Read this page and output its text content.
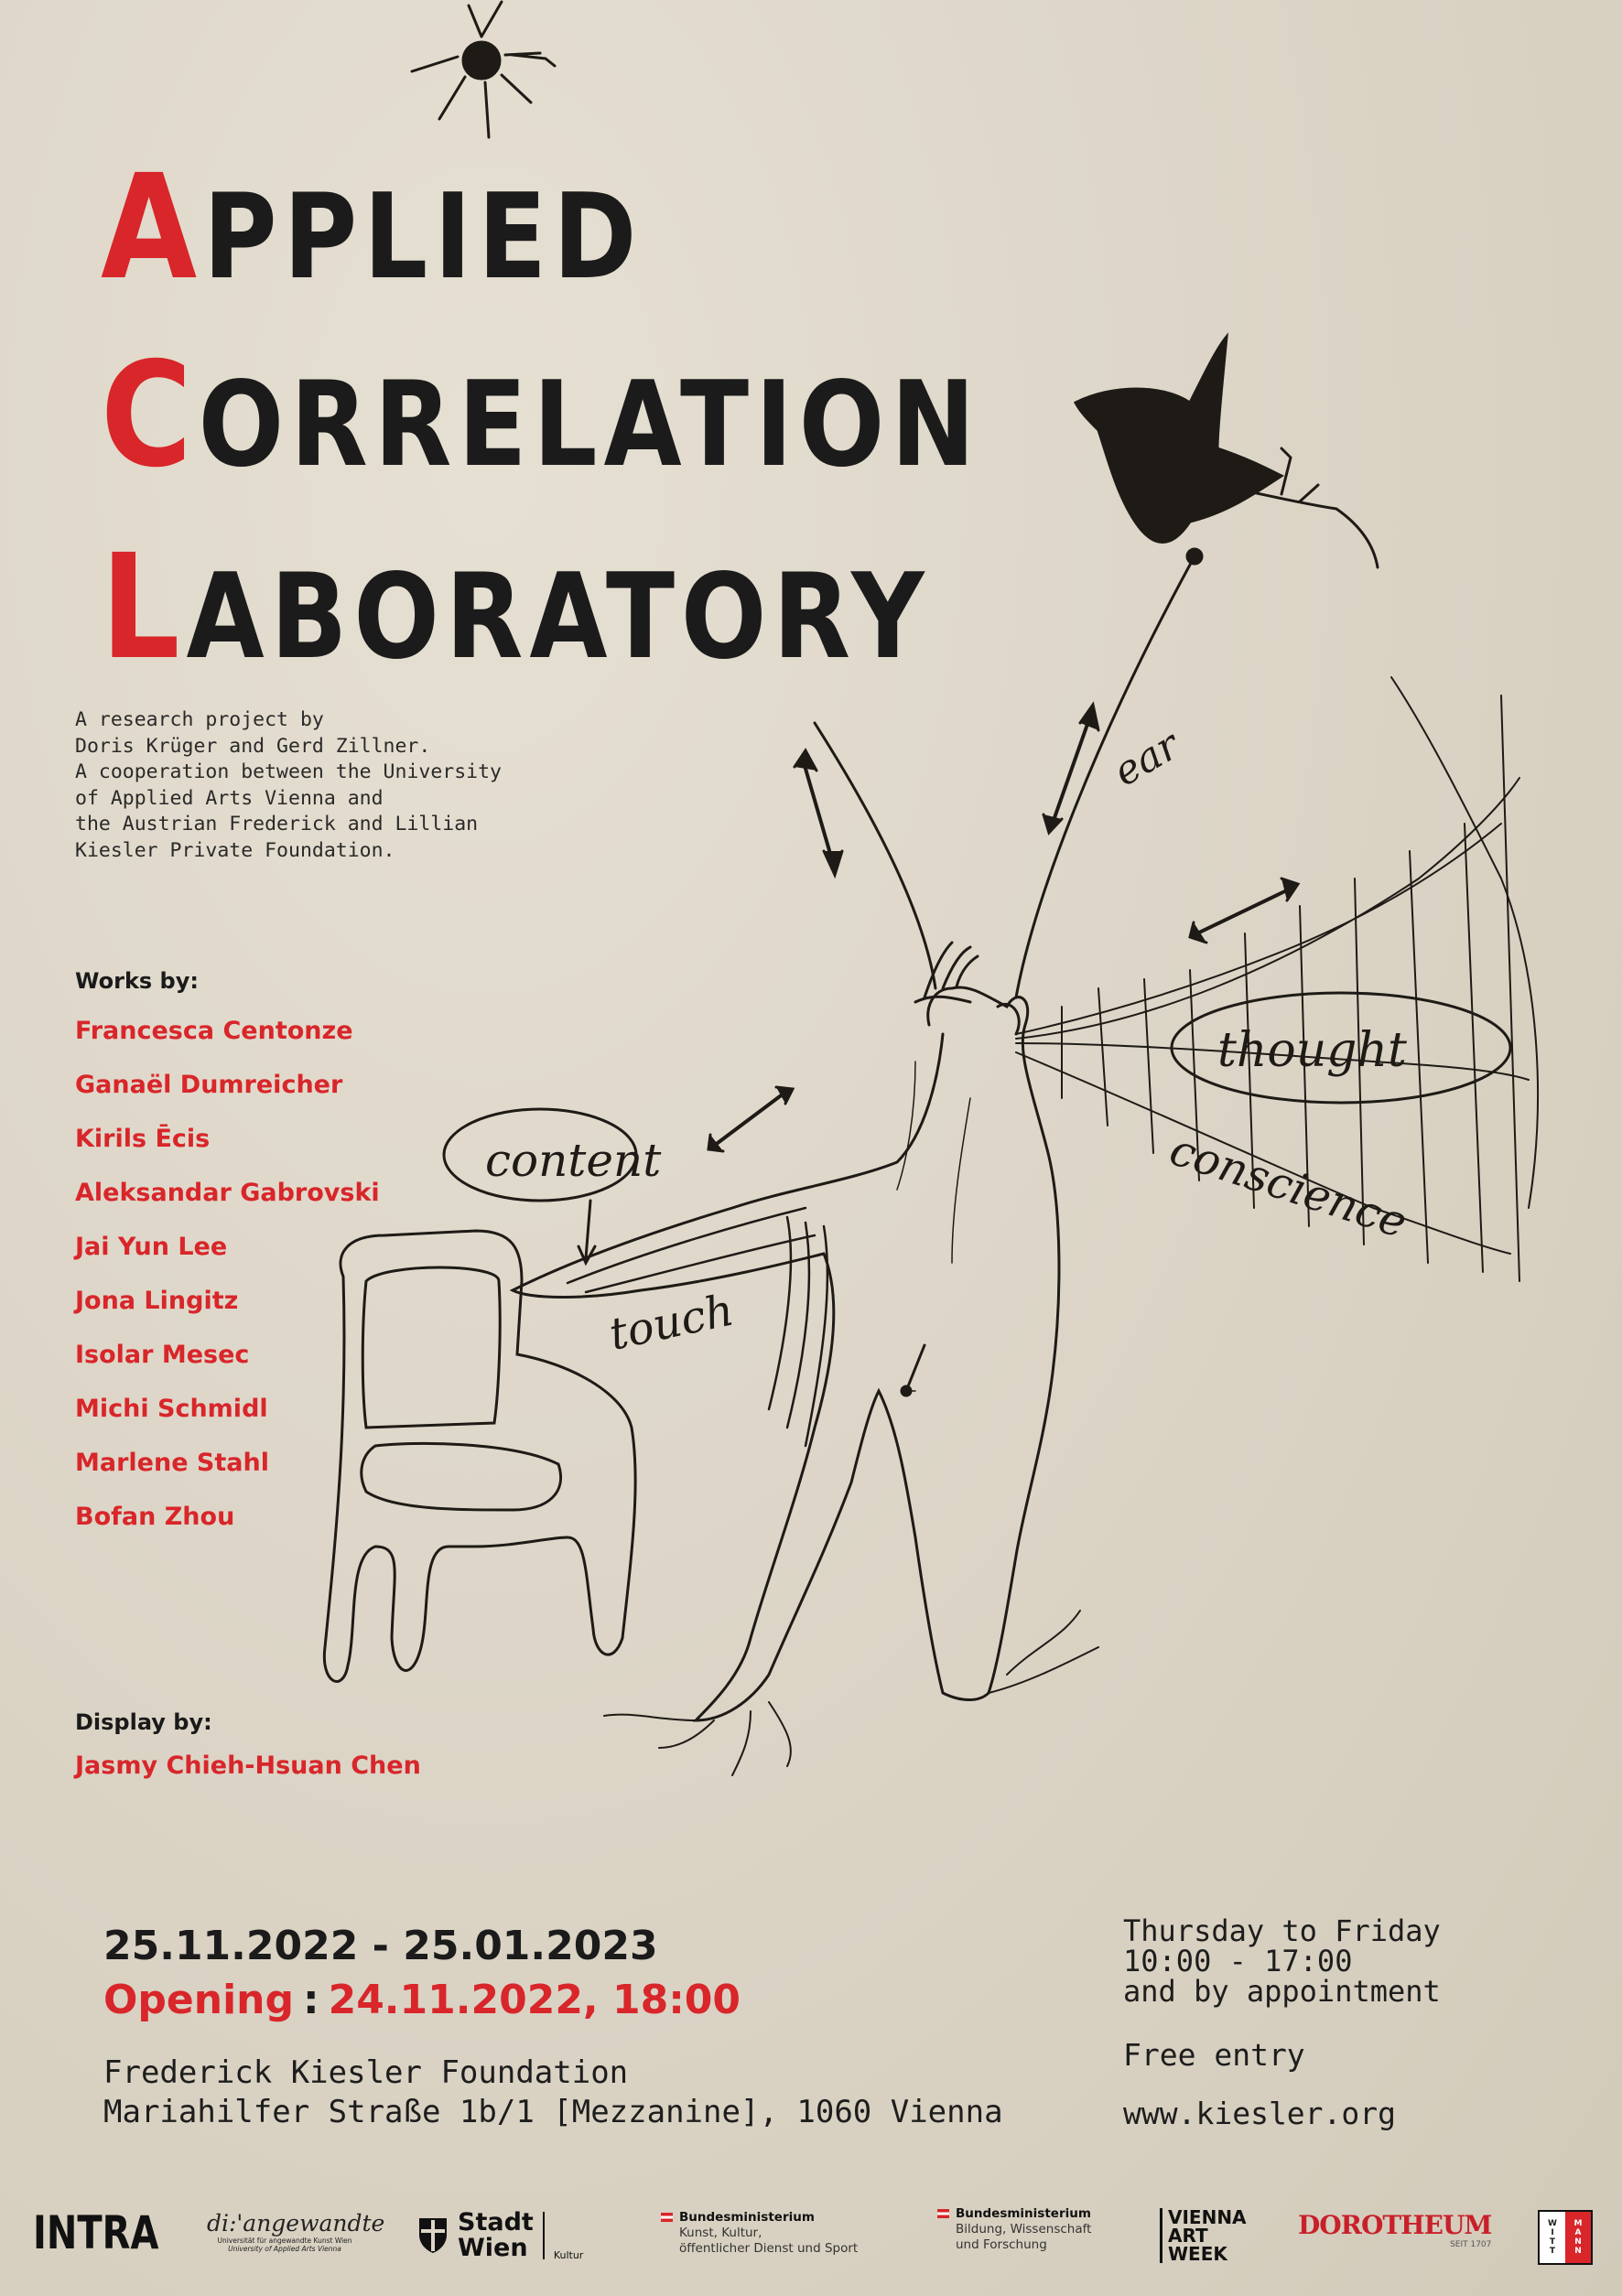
APPLIED
CORRELATION
LABORATORY
content
touch
ear
thought
conscience
A research project by
Doris Krüger and Gerd Zillner.
A cooperation between the University
of Applied Arts Vienna and
the Austrian Frederick and Lillian
Kiesler Private Foundation.
Works by:
Francesca Centonze
Ganaël Dumreicher
Kirils Ēcis
Aleksandar Gabrovski
Jai Yun Lee
Jona Lingitz
Isolar Mesec
Michi Schmidl
Marlene Stahl
Bofan Zhou
Display by:
Jasmy Chieh-Hsuan Chen
25.11.2022 - 25.01.2023
Opening : 24.11.2022, 18:00
Frederick Kiesler Foundation
Mariahilfer Straße 1b/1 [Mezzanine], 1060 Vienna
Thursday to Friday
10:00 - 17:00
and by appointment
Free entry
www.kiesler.org
INTRA di:'angewandte
Universität für angewandte Kunst Wien
University of Applied Arts Vienna
Stadt
Wien	Kultur
Bundesministerium
Kunst, Kultur,
öffentlicher Dienst und Sport
Bundesministerium
Bildung, Wissenschaft
und Forschung
VIENNA
ART
WEEK
DOROTHEUM
SEIT 1707
W
I
T
T
M
A
N
N
